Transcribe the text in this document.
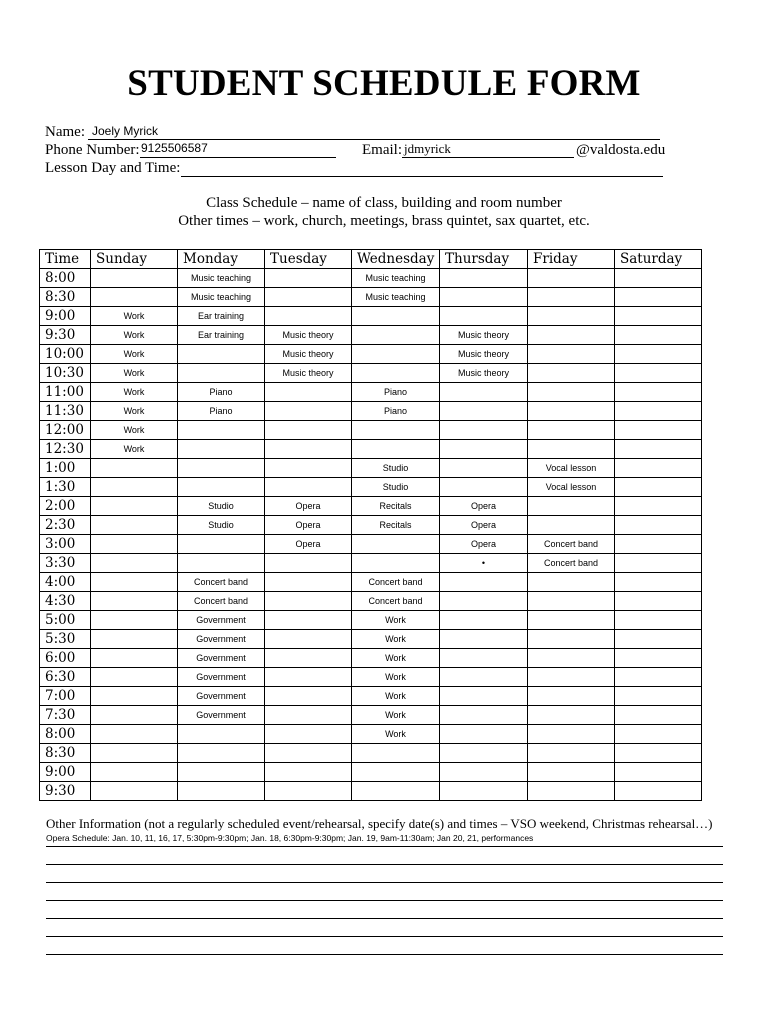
STUDENT SCHEDULE FORM
Name: Joely Myrick
Phone Number: 9125506587	Email: jdmyrick	@valdosta.edu
Lesson Day and Time:
Class Schedule – name of class, building and room number
Other times – work, church, meetings, brass quintet, sax quartet, etc.
Time	Sunday	Monday	Tuesday	Wednesday	Thursday	Friday	Saturday
8:00		Music teaching		Music teaching			
8:30		Music teaching		Music teaching			
9:00	Work	Ear training					
9:30	Work	Ear training	Music theory		Music theory		
10:00	Work		Music theory		Music theory		
10:30	Work		Music theory		Music theory		
11:00	Work	Piano		Piano			
11:30	Work	Piano		Piano			
12:00	Work						
12:30	Work						
1:00				Studio		Vocal lesson	
1:30				Studio		Vocal lesson	
2:00		Studio	Opera	Recitals	Opera		
2:30		Studio	Opera	Recitals	Opera		
3:00			Opera		Opera	Concert band	
3:30					•	Concert band	
4:00		Concert band		Concert band			
4:30		Concert band		Concert band			
5:00		Government		Work			
5:30		Government		Work			
6:00		Government		Work			
6:30		Government		Work			
7:00		Government		Work			
7:30		Government		Work			
8:00				Work			
8:30							
9:00							
9:30							
Other Information (not a regularly scheduled event/rehearsal, specify date(s) and times – VSO weekend, Christmas rehearsal…)
Opera Schedule: Jan. 10, 11, 16, 17, 5:30pm-9:30pm; Jan. 18, 6:30pm-9:30pm; Jan. 19, 9am-11:30am; Jan 20, 21, performances
